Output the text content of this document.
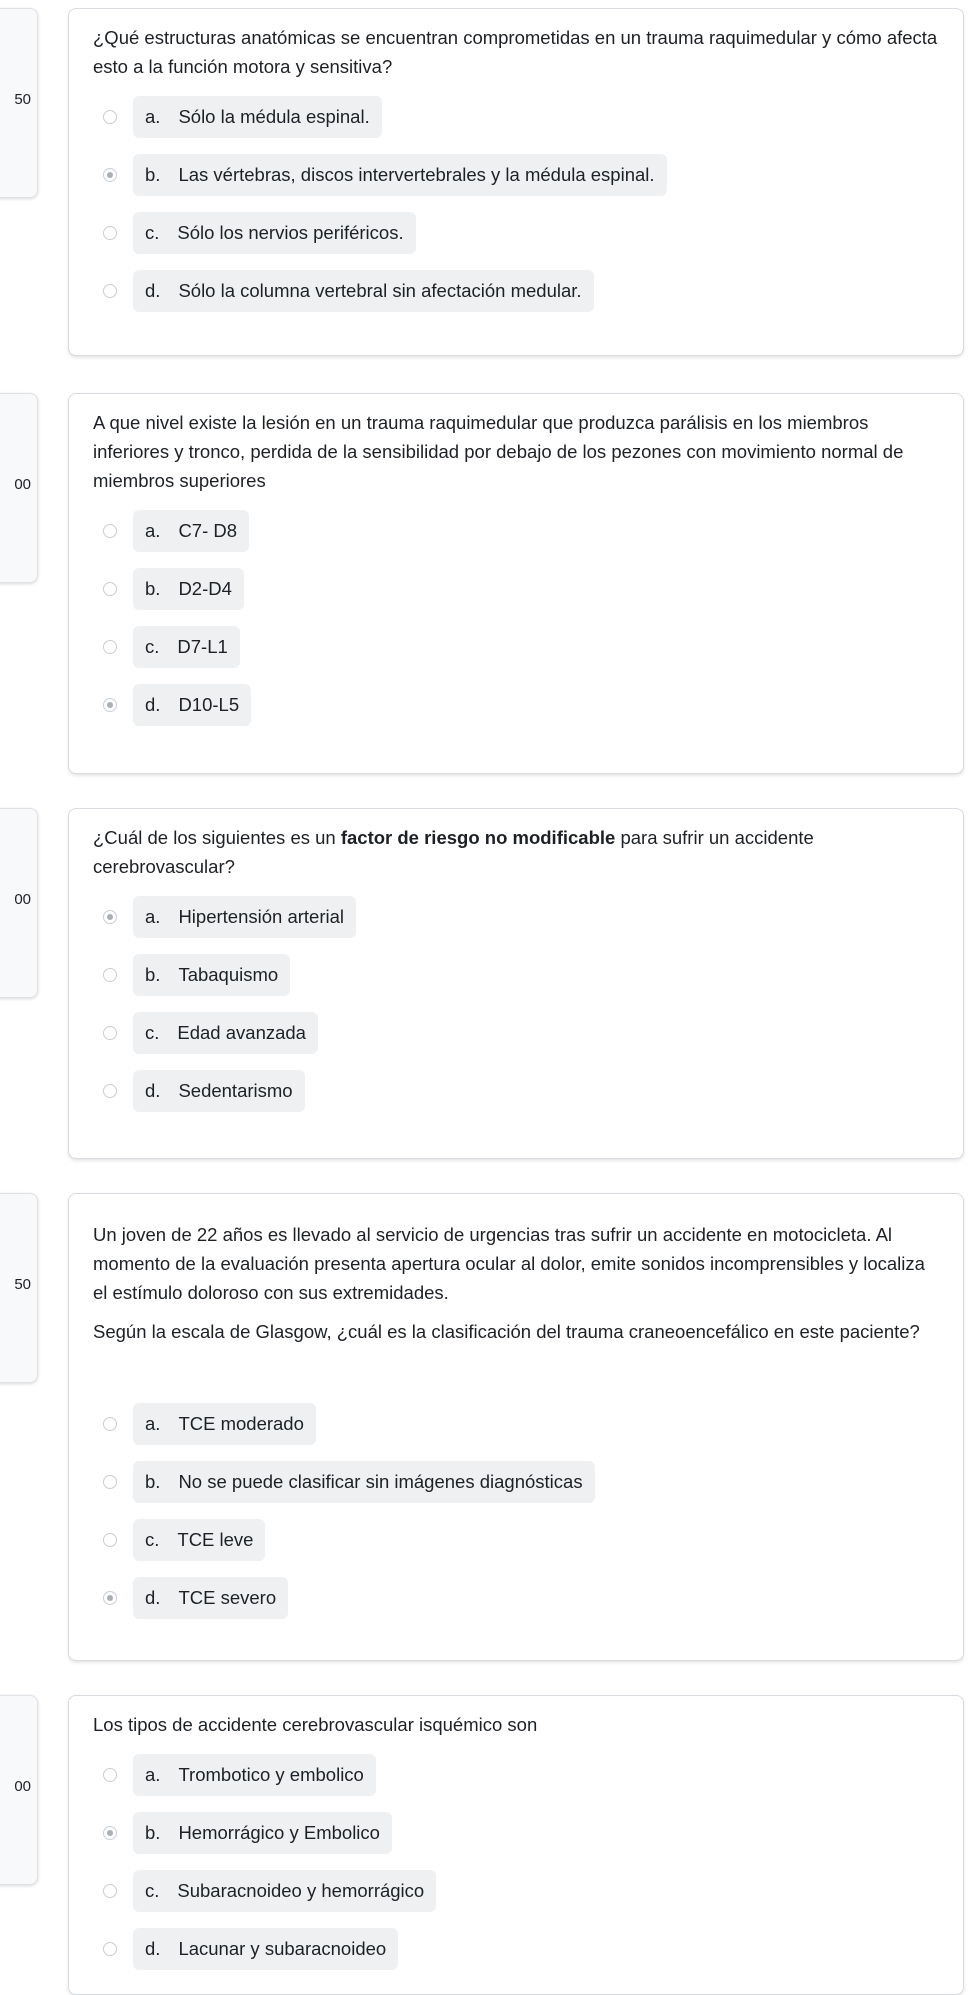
50

¿Qué estructuras anatómicas se encuentran comprometidas en un trauma raquimedular y cómo afecta esto a la función motora y sensitiva?

a. Sólo la médula espinal.
b. Las vértebras, discos intervertebrales y la médula espinal.
c. Sólo los nervios periféricos.
d. Sólo la columna vertebral sin afectación medular.
00

A que nivel existe la lesión en un trauma raquimedular que produzca parálisis en los miembros inferiores y tronco, perdida de la sensibilidad por debajo de los pezones con movimiento normal de miembros superiores

a. C7- D8
b. D2-D4
c. D7-L1
d. D10-L5
00

¿Cuál de los siguientes es un factor de riesgo no modificable para sufrir un accidente cerebrovascular?

a. Hipertensión arterial
b. Tabaquismo
c. Edad avanzada
d. Sedentarismo
50

Un joven de 22 años es llevado al servicio de urgencias tras sufrir un accidente en motocicleta. Al momento de la evaluación presenta apertura ocular al dolor, emite sonidos incomprensibles y localiza el estímulo doloroso con sus extremidades.

Según la escala de Glasgow, ¿cuál es la clasificación del trauma craneoencefálico en este paciente?

a. TCE moderado
b. No se puede clasificar sin imágenes diagnósticas
c. TCE leve
d. TCE severo
00

Los tipos de accidente cerebrovascular isquémico son

a. Trombotico y embolico
b. Hemorrágico y Embolico
c. Subaracnoideo y hemorrágico
d. Lacunar y subaracnoideo
